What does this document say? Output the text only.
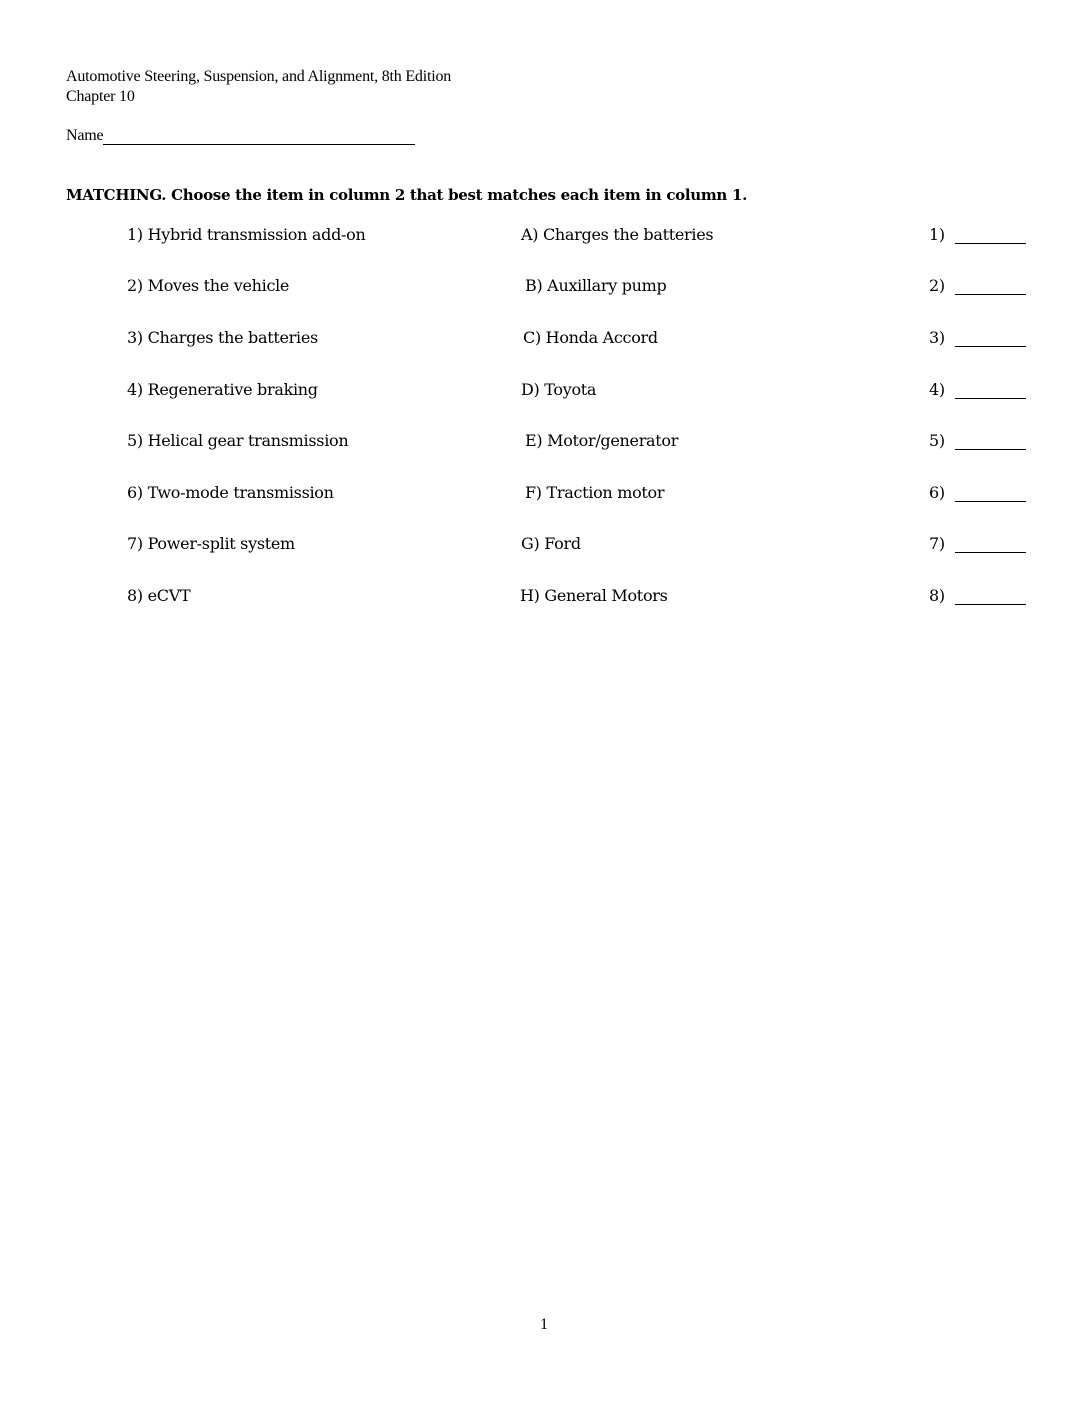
Automotive Steering, Suspension, and Alignment, 8th Edition
Chapter 10
Name
MATCHING. Choose the item in column 2 that best matches each item in column 1.
1) Hybrid transmission add-on	A) Charges the batteries	1)
2) Moves the vehicle	B) Auxillary pump	2)
3) Charges the batteries	C) Honda Accord	3)
4) Regenerative braking	D) Toyota	4)
5) Helical gear transmission	E) Motor/generator	5)
6) Two-mode transmission	F) Traction motor	6)
7) Power-split system	G) Ford	7)
8) eCVT	H) General Motors	8)
1
